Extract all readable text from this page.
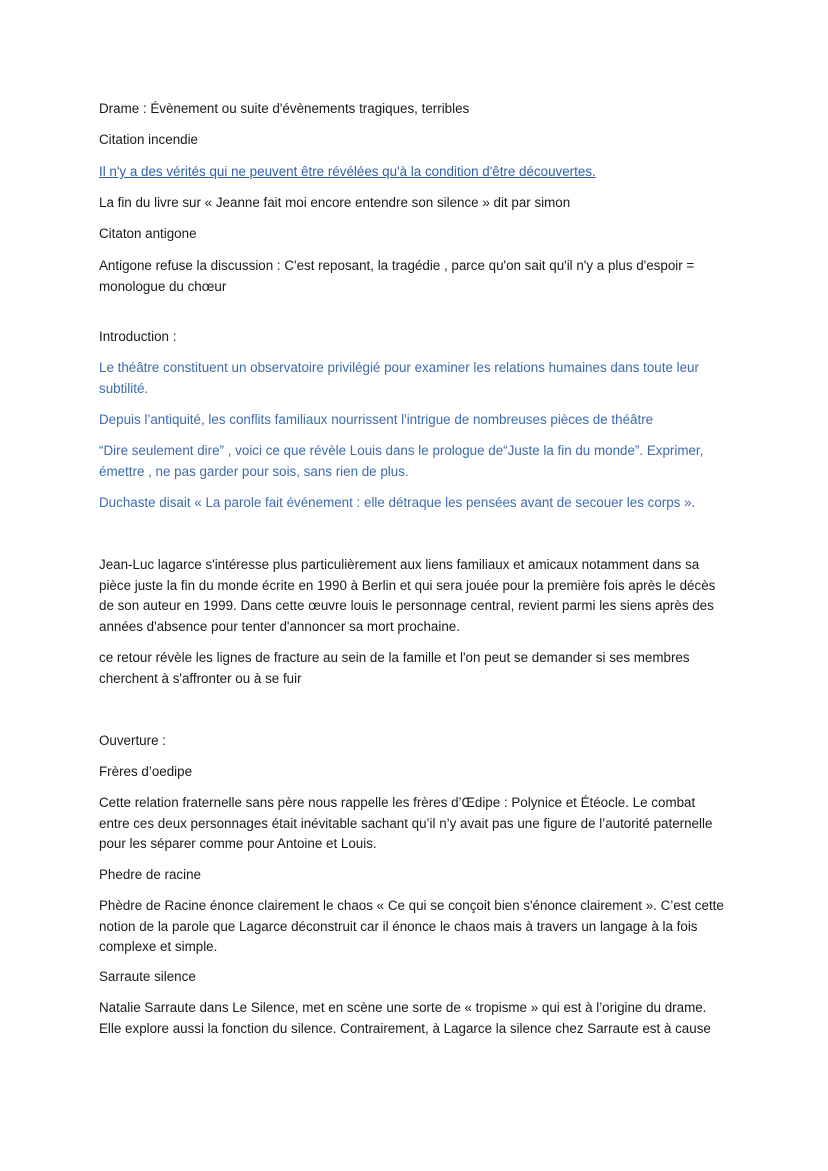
Drame : Évènement ou suite d'évènements tragiques, terribles

Citation incendie

Il n'y a des vérités qui ne peuvent être révélées qu'à la condition d'être découvertes.

La fin du livre sur « Jeanne fait moi encore entendre son silence » dit par simon

Citaton antigone

Antigone refuse la discussion : C'est reposant, la tragédie , parce qu'on sait qu'il n'y a plus d'espoir = monologue du chœur

Introduction :

Le théâtre constituent un observatoire privilégié pour examiner les relations humaines dans toute leur subtilité.

Depuis l’antiquité, les conflits familiaux nourrissent l'intrigue de nombreuses pièces de théâtre

“Dire seulement dire” , voici ce que révèle Louis dans le prologue de“Juste la fin du monde”. Exprimer, émettre , ne pas garder pour sois, sans rien de plus.

Duchaste disait « La parole fait événement : elle détraque les pensées avant de secouer les corps ».

Jean-Luc lagarce s'intéresse plus particulièrement aux liens familiaux et amicaux notamment dans sa pièce juste la fin du monde écrite en 1990 à Berlin et qui sera jouée pour la première fois après le décès de son auteur en 1999. Dans cette œuvre louis le personnage central, revient parmi les siens après des années d'absence pour tenter d'annoncer sa mort prochaine.

ce retour révèle les lignes de fracture au sein de la famille et l'on peut se demander si ses membres cherchent à s'affronter ou à se fuir

Ouverture :

Frères d’oedipe

Cette relation fraternelle sans père nous rappelle les frères d’Œdipe : Polynice et Étéocle. Le combat entre ces deux personnages était inévitable sachant qu’il n’y avait pas une figure de l’autorité paternelle pour les séparer comme pour Antoine et Louis.

Phedre de racine

Phèdre de Racine énonce clairement le chaos « Ce qui se conçoit bien s'énonce clairement ». C’est cette notion de la parole que Lagarce déconstruit car il énonce le chaos mais à travers un langage à la fois complexe et simple.

Sarraute silence

Natalie Sarraute dans Le Silence, met en scène une sorte de « tropisme » qui est à l’origine du drame. Elle explore aussi la fonction du silence. Contrairement, à Lagarce la silence chez Sarraute est à cause
